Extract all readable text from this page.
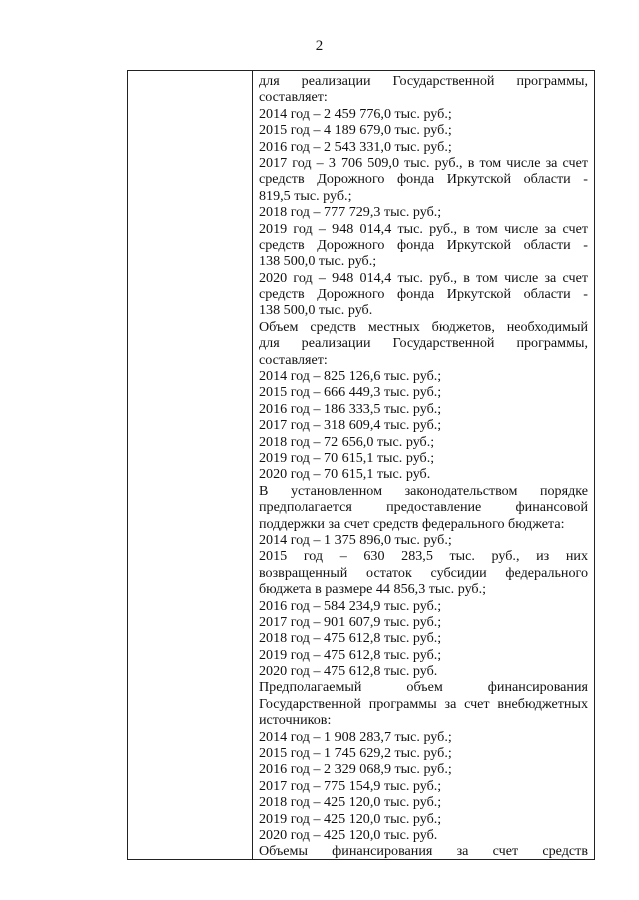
2
для реализации Государственной программы,
составляет:
2014 год – 2 459 776,0 тыс. руб.;
2015 год – 4 189 679,0 тыс. руб.;
2016 год – 2 543 331,0 тыс. руб.;
2017 год – 3 706 509,0 тыс. руб., в том числе за счет
средств Дорожного фонда Иркутской области -
819,5 тыс. руб.;
2018 год – 777 729,3 тыс. руб.;
2019 год – 948 014,4 тыс. руб., в том числе за счет
средств Дорожного фонда Иркутской области -
138 500,0 тыс. руб.;
2020 год – 948 014,4 тыс. руб., в том числе за счет
средств Дорожного фонда Иркутской области -
138 500,0 тыс. руб.
Объем средств местных бюджетов, необходимый
для реализации Государственной программы,
составляет:
2014 год – 825 126,6 тыс. руб.;
2015 год – 666 449,3 тыс. руб.;
2016 год – 186 333,5 тыс. руб.;
2017 год – 318 609,4 тыс. руб.;
2018 год – 72 656,0 тыс. руб.;
2019 год – 70 615,1 тыс. руб.;
2020 год – 70 615,1 тыс. руб.
В установленном законодательством порядке
предполагается предоставление финансовой
поддержки за счет средств федерального бюджета:
2014 год – 1 375 896,0 тыс. руб.;
2015 год – 630 283,5 тыс. руб., из них
возвращенный остаток субсидии федерального
бюджета в размере 44 856,3 тыс. руб.;
2016 год – 584 234,9 тыс. руб.;
2017 год – 901 607,9 тыс. руб.;
2018 год – 475 612,8 тыс. руб.;
2019 год – 475 612,8 тыс. руб.;
2020 год – 475 612,8 тыс. руб.
Предполагаемый объем финансирования
Государственной программы за счет внебюджетных
источников:
2014 год – 1 908 283,7 тыс. руб.;
2015 год – 1 745 629,2 тыс. руб.;
2016 год – 2 329 068,9 тыс. руб.;
2017 год – 775 154,9 тыс. руб.;
2018 год – 425 120,0 тыс. руб.;
2019 год – 425 120,0 тыс. руб.;
2020 год – 425 120,0 тыс. руб.
Объемы финансирования за счет средств
